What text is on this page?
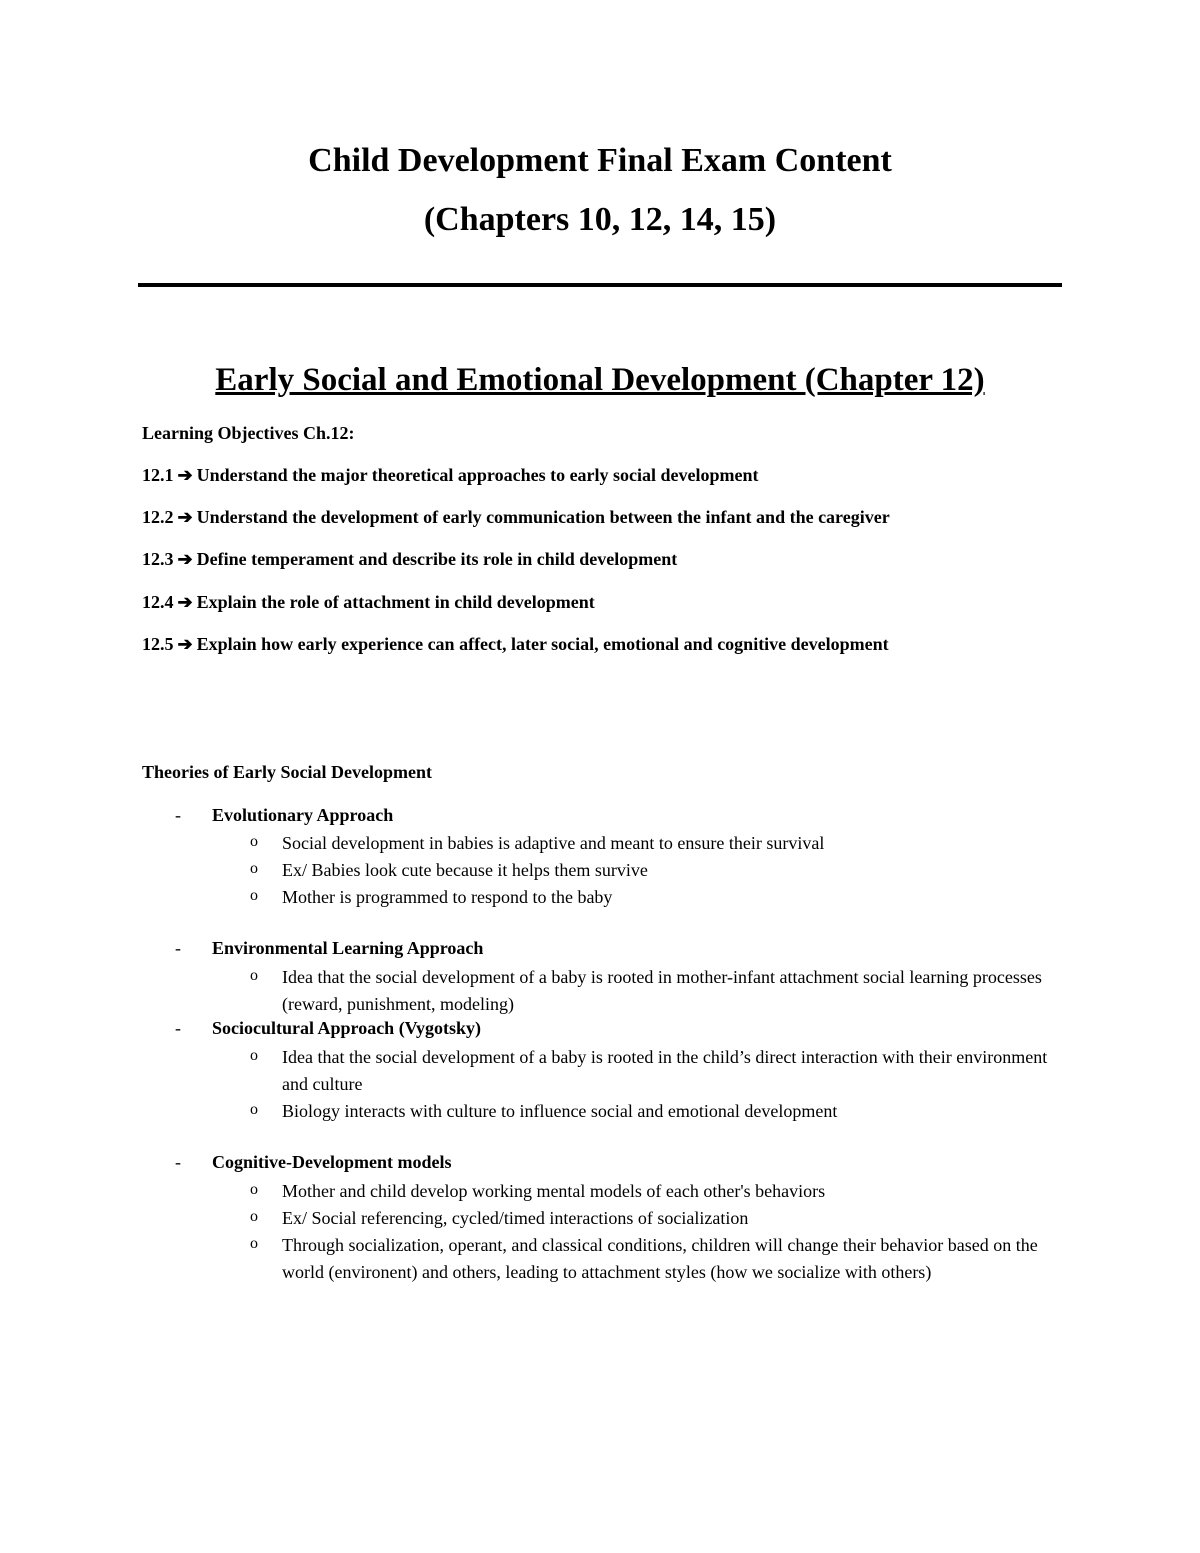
Child Development Final Exam Content
(Chapters 10, 12, 14, 15)
Early Social and Emotional Development (Chapter 12)
Learning Objectives Ch.12:
12.1 ➔ Understand the major theoretical approaches to early social development
12.2 ➔ Understand the development of early communication between the infant and the caregiver
12.3 ➔ Define temperament and describe its role in child development
12.4 ➔ Explain the role of attachment in child development
12.5 ➔ Explain how early experience can affect, later social, emotional and cognitive development
Theories of Early Social Development
- Evolutionary Approach
o Social development in babies is adaptive and meant to ensure their survival
o Ex/ Babies look cute because it helps them survive
o Mother is programmed to respond to the baby
- Environmental Learning Approach
o Idea that the social development of a baby is rooted in mother-infant attachment social learning processes (reward, punishment, modeling)
- Sociocultural Approach (Vygotsky)
o Idea that the social development of a baby is rooted in the child’s direct interaction with their environment and culture
o Biology interacts with culture to influence social and emotional development
- Cognitive-Development models
o Mother and child develop working mental models of each other's behaviors
o Ex/ Social referencing, cycled/timed interactions of socialization
o Through socialization, operant, and classical conditions, children will change their behavior based on the world (environent) and others, leading to attachment styles (how we socialize with others)
